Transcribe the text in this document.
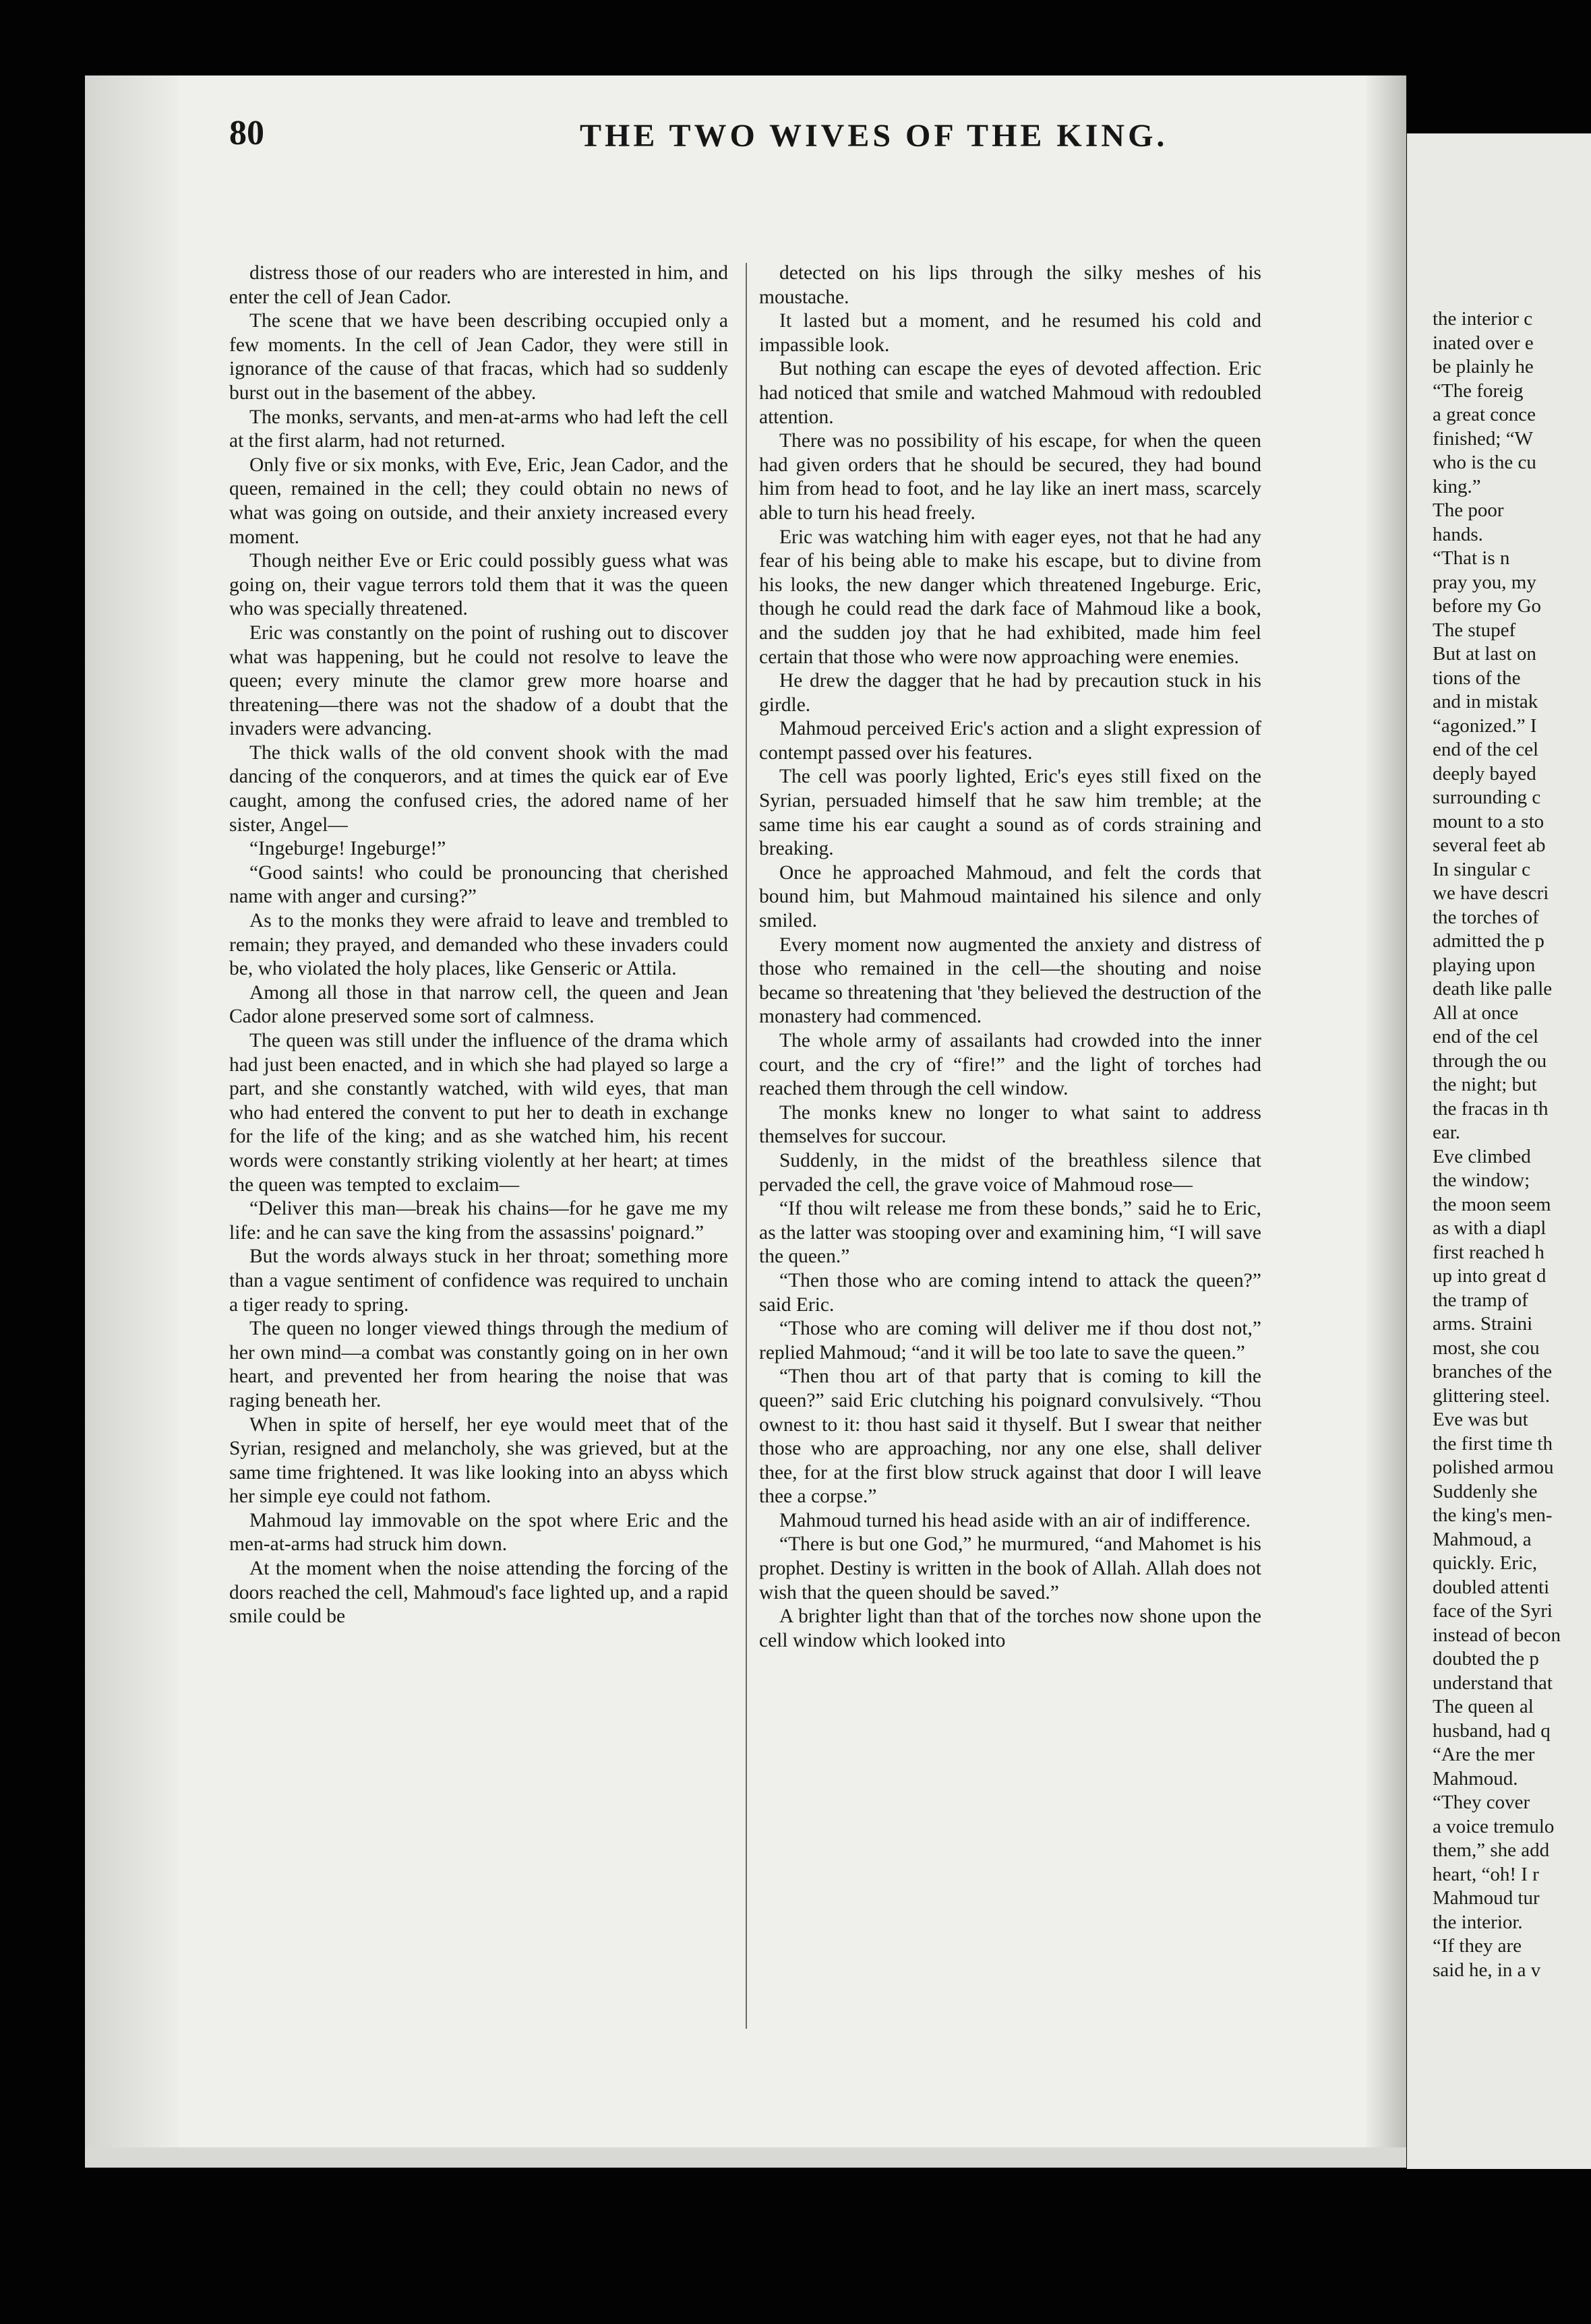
80	THE TWO WIVES OF THE KING.

distress those of our readers who are interested in him, and enter the cell of Jean Cador.

The scene that we have been describing occupied only a few moments. In the cell of Jean Cador, they were still in ignorance of the cause of that fracas, which had so suddenly burst out in the basement of the abbey.

The monks, servants, and men-at-arms who had left the cell at the first alarm, had not returned.

Only five or six monks, with Eve, Eric, Jean Cador, and the queen, remained in the cell; they could obtain no news of what was going on outside, and their anxiety increased every moment.

Though neither Eve or Eric could possibly guess what was going on, their vague terrors told them that it was the queen who was specially threatened.

Eric was constantly on the point of rushing out to discover what was happening, but he could not resolve to leave the queen; every minute the clamor grew more hoarse and threatening—there was not the shadow of a doubt that the invaders were advancing.

The thick walls of the old convent shook with the mad dancing of the conquerors, and at times the quick ear of Eve caught, among the confused cries, the adored name of her sister, Angel—

“Ingeburge! Ingeburge!”

“Good saints! who could be pronouncing that cherished name with anger and cursing?”

As to the monks they were afraid to leave and trembled to remain; they prayed, and demanded who these invaders could be, who violated the holy places, like Genseric or Attila.

Among all those in that narrow cell, the queen and Jean Cador alone preserved some sort of calmness.

The queen was still under the influence of the drama which had just been enacted, and in which she had played so large a part, and she constantly watched, with wild eyes, that man who had entered the convent to put her to death in exchange for the life of the king; and as she watched him, his recent words were constantly striking violently at her heart; at times the queen was tempted to exclaim—

“Deliver this man—break his chains—for he gave me my life: and he can save the king from the assassins' poignard.”

But the words always stuck in her throat; something more than a vague sentiment of confidence was required to unchain a tiger ready to spring.

The queen no longer viewed things through the medium of her own mind—a combat was constantly going on in her own heart, and prevented her from hearing the noise that was raging beneath her.

When in spite of herself, her eye would meet that of the Syrian, resigned and melancholy, she was grieved, but at the same time frightened. It was like looking into an abyss which her simple eye could not fathom.

Mahmoud lay immovable on the spot where Eric and the men-at-arms had struck him down.

At the moment when the noise attending the forcing of the doors reached the cell, Mahmoud's face lighted up, and a rapid smile could be

detected on his lips through the silky meshes of his moustache.

It lasted but a moment, and he resumed his cold and impassible look.

But nothing can escape the eyes of devoted affection. Eric had noticed that smile and watched Mahmoud with redoubled attention.

There was no possibility of his escape, for when the queen had given orders that he should be secured, they had bound him from head to foot, and he lay like an inert mass, scarcely able to turn his head freely.

Eric was watching him with eager eyes, not that he had any fear of his being able to make his escape, but to divine from his looks, the new danger which threatened Ingeburge. Eric, though he could read the dark face of Mahmoud like a book, and the sudden joy that he had exhibited, made him feel certain that those who were now approaching were enemies.

He drew the dagger that he had by precaution stuck in his girdle.

Mahmoud perceived Eric's action and a slight expression of contempt passed over his features.

The cell was poorly lighted, Eric's eyes still fixed on the Syrian, persuaded himself that he saw him tremble; at the same time his ear caught a sound as of cords straining and breaking.

Once he approached Mahmoud, and felt the cords that bound him, but Mahmoud maintained his silence and only smiled.

Every moment now augmented the anxiety and distress of those who remained in the cell—the shouting and noise became so threatening that 'they believed the destruction of the monastery had commenced.

The whole army of assailants had crowded into the inner court, and the cry of “fire!” and the light of torches had reached them through the cell window.

The monks knew no longer to what saint to address themselves for succour.

Suddenly, in the midst of the breathless silence that pervaded the cell, the grave voice of Mahmoud rose—

“If thou wilt release me from these bonds,” said he to Eric, as the latter was stooping over and examining him, “I will save the queen.”

“Then those who are coming intend to attack the queen?” said Eric.

“Those who are coming will deliver me if thou dost not,” replied Mahmoud; “and it will be too late to save the queen.”

“Then thou art of that party that is coming to kill the queen?” said Eric clutching his poignard convulsively. “Thou ownest to it: thou hast said it thyself. But I swear that neither those who are approaching, nor any one else, shall deliver thee, for at the first blow struck against that door I will leave thee a corpse.”

Mahmoud turned his head aside with an air of indifference.

“There is but one God,” he murmured, “and Mahomet is his prophet. Destiny is written in the book of Allah. Allah does not wish that the queen should be saved.”

A brighter light than that of the torches now shone upon the cell window which looked into

the interior c
inated over e
be plainly he
“The foreig
a great conce
finished; “W
who is the cu
king.”
The poor
hands.
“That is n
pray you, my
before my Go
The stupef
But at last on
tions of the
and in mistak
“agonized.” I
end of the cel
deeply bayed
surrounding c
mount to a sto
several feet ab
In singular c
we have descri
the torches of
admitted the p
playing upon
death like palle
All at once
end of the cel
through the ou
the night; but
the fracas in th
ear.
Eve climbed
the window;
the moon seem
as with a diapl
first reached h
up into great d
the tramp of
arms. Straini
most, she cou
branches of the
glittering steel.
Eve was but
the first time th
polished armou
Suddenly she
the king's men-
Mahmoud, a
quickly. Eric,
doubled attenti
face of the Syri
instead of becon
doubted the p
understand that
The queen al
husband, had q
“Are the mer
Mahmoud.
“They cover
a voice tremulo
them,” she add
heart, “oh! I r
Mahmoud tur
the interior.
“If they are
said he, in a v
